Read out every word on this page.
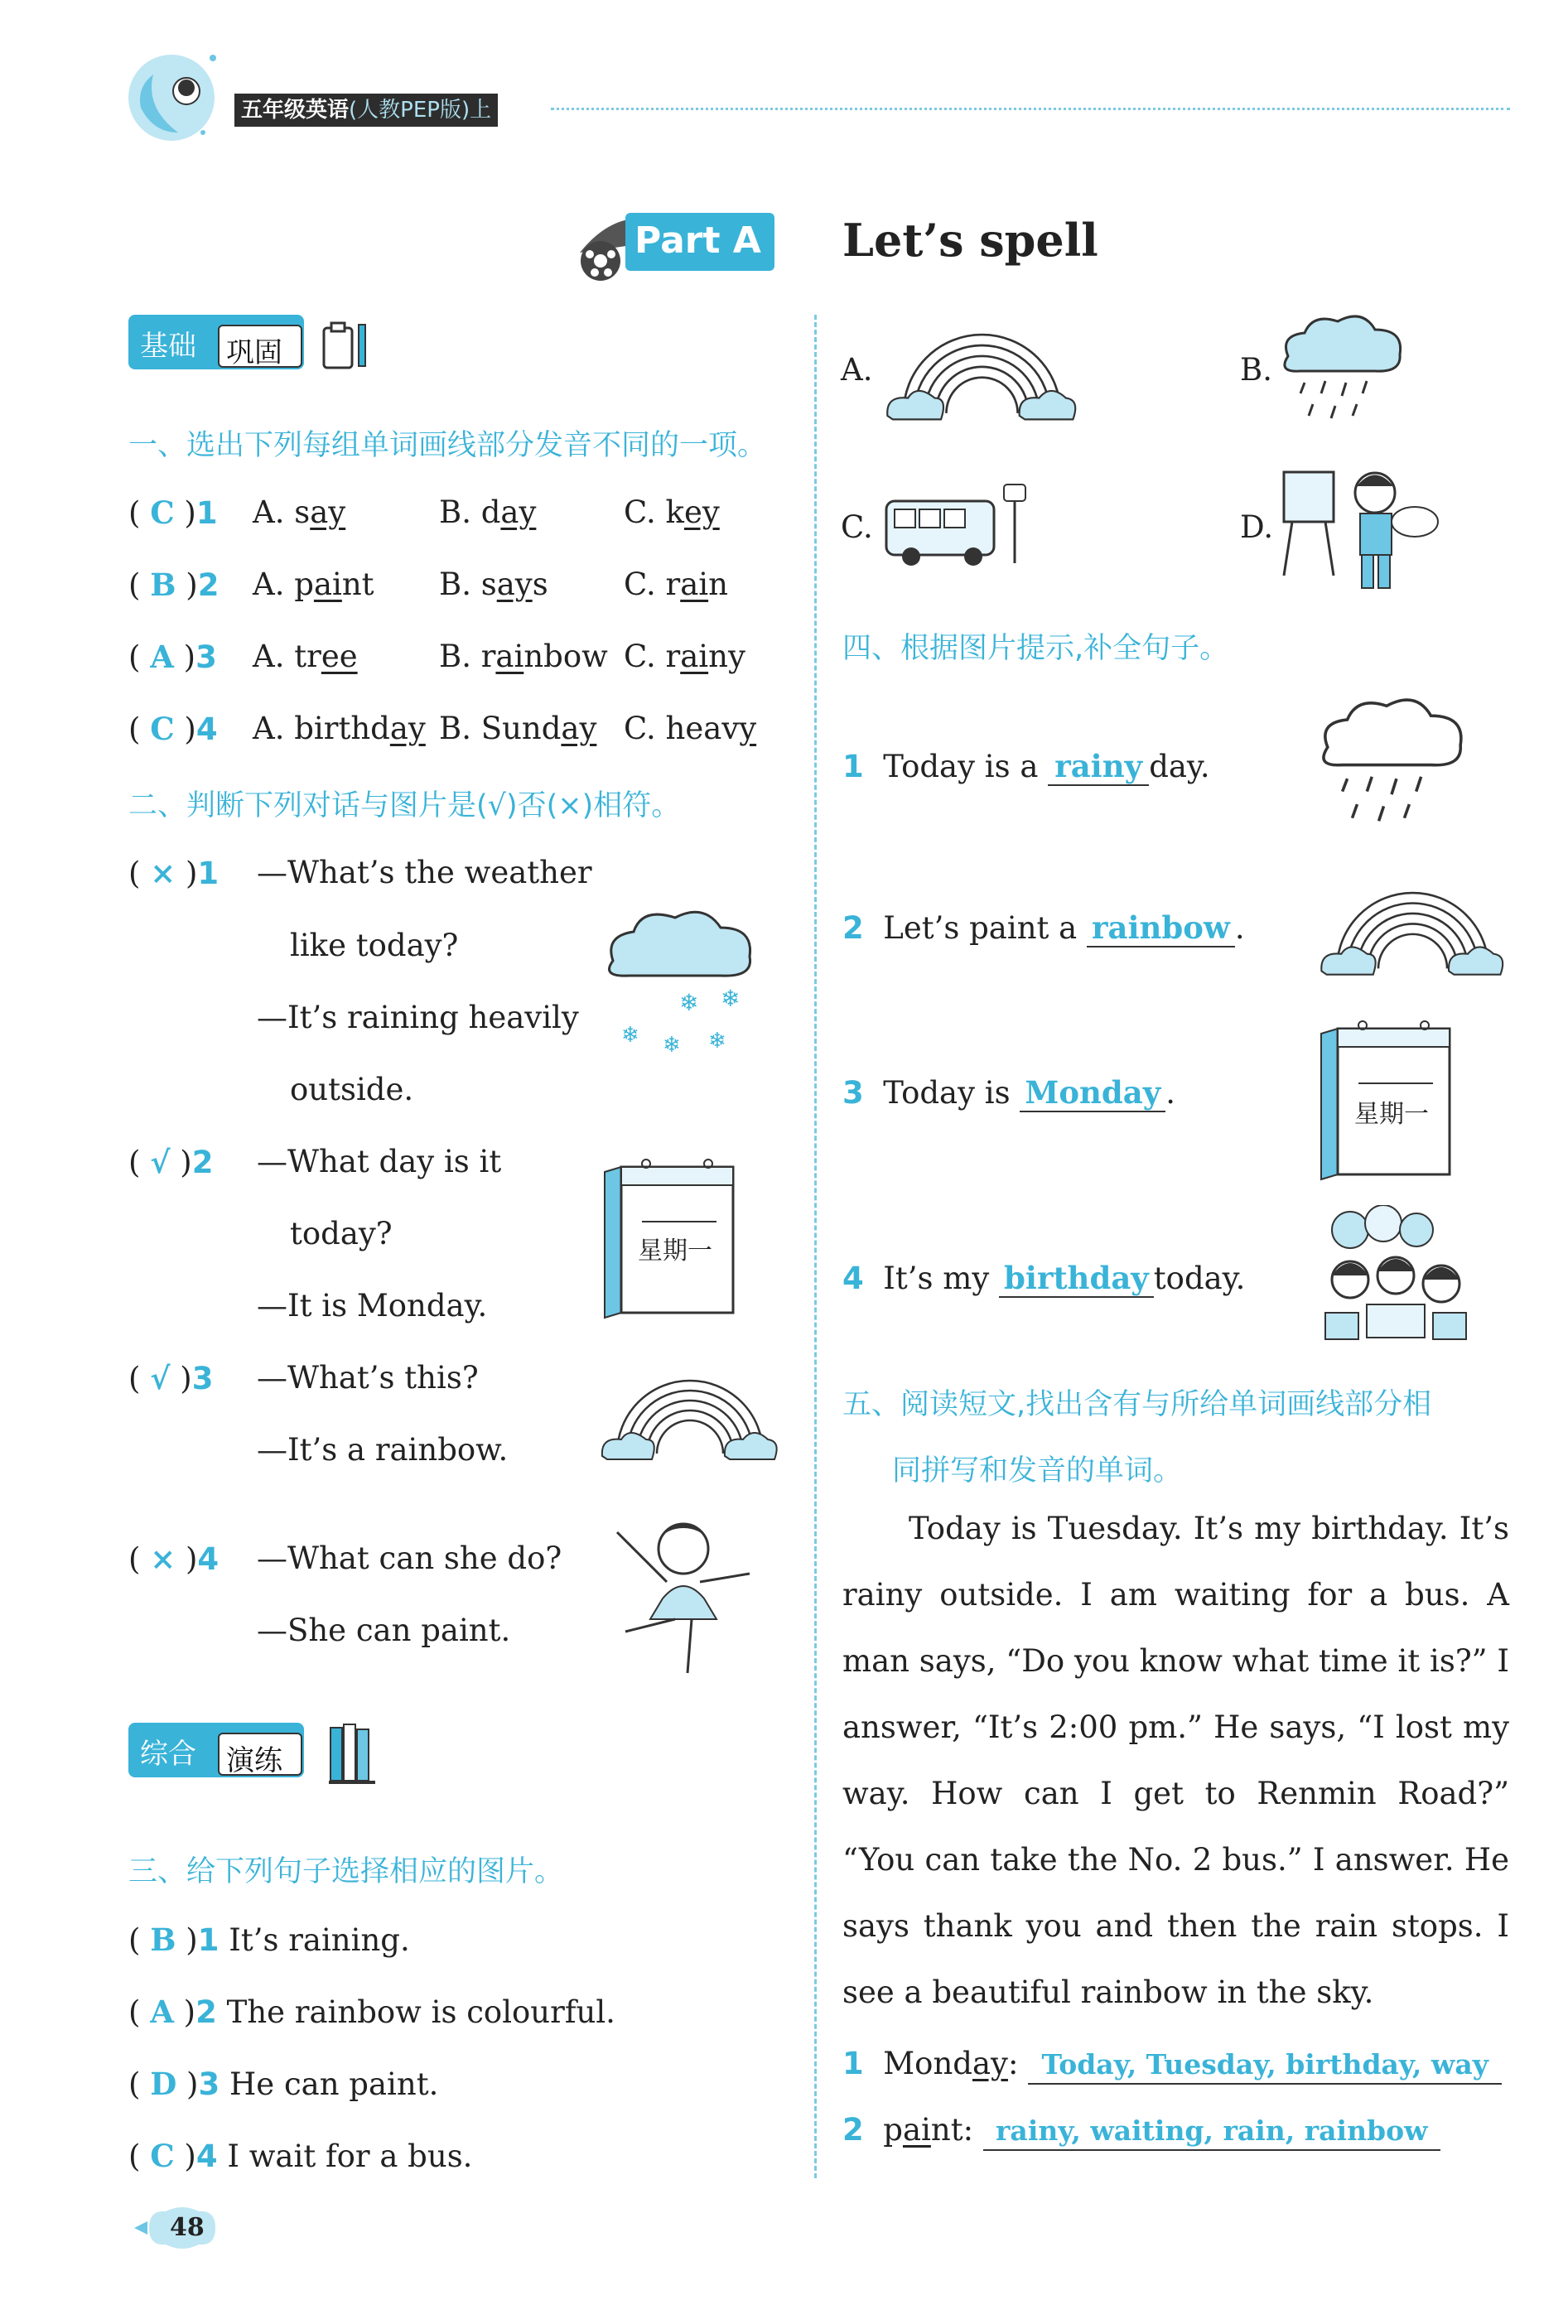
五年级英语(人教PEP版)上
Part A Let’s spell
基础 巩固
一、选出下列每组单词画线部分发音不同的一项。
( C )1 A. say	B. day	C. key
( B )2 A. paint B. says C. rain
( A )3 A. tree	B. rainbow C. rainy
( C )4 A. birthday B. Sunday C. heavy
二、判断下列对话与图片是(√)否(×)相符。
( × )1 —What’s the weather
like today?
—It’s raining heavily
outside.
❄ ❄
❄ ❄ ❄
( √ )2 —What day is it
today?
—It is Monday.
星期一
( √ )3 —What’s this?
—It’s a rainbow.
( × )4 —What can she do?
—She can paint.
综合 演练
三、给下列句子选择相应的图片。
( B )1 It’s raining.
( A )2 The rainbow is colourful.
( D )3 He can paint.
( C )4 I wait for a bus.
A.	B.
C.	D.
四、根据图片提示,补全句子。
1 Today is a rainy day.
2 Let’s paint a rainbow .
3 Today is Monday .
星期一
4 It’s my birthday today.
五、阅读短文,找出含有与所给单词画线部分相
同拼写和发音的单词。
Today is Tuesday. It’s my birthday. It’s rainy outside. I am waiting for a bus. A man says, “Do you know what time it is?” I answer, “It’s 2:00 pm.” He says, “I lost my way. How can I get to Renmin Road?” “You can take the No. 2 bus.” I answer. He says thank you and then the rain stops. I see a beautiful rainbow in the sky.
1 Monday: Today, Tuesday, birthday, way
2 paint: rainy, waiting, rain, rainbow
48
